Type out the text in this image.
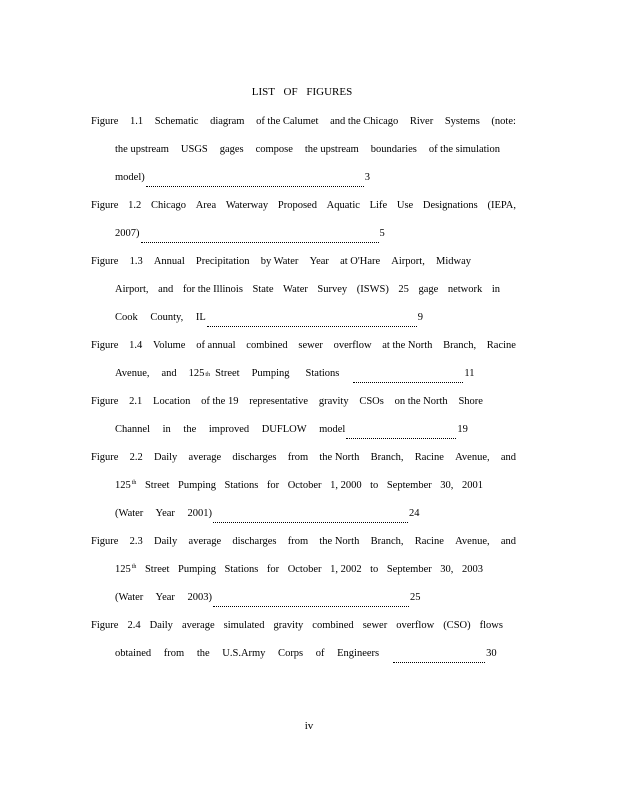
LIST OF FIGURES
Figure 1.1 Schematic diagram of the Calumet and the Chicago River Systems (note:
the upstream USGS gages compose the upstream boundaries of the simulation
model)	3
Figure 1.2 Chicago Area Waterway Proposed Aquatic Life Use Designations (IEPA,
2007)	5
Figure 1.3 Annual Precipitation by Water Year at O'Hare Airport, Midway
Airport, and for the Illinois State Water Survey (ISWS) 25 gage network in
Cook County, IL	9
Figure 1.4 Volume of annual combined sewer overflow at the North Branch, Racine
Avenue, and 125 th Street Pumping Stations	11
Figure 2.1 Location of the 19 representative gravity CSOs on the North Shore
Channel in the improved DUFLOW model	19
Figure 2.2 Daily average discharges from the North Branch, Racine Avenue, and
125th Street Pumping Stations for October 1, 2000 to September 30, 2001
(Water Year 2001)	24
Figure 2.3 Daily average discharges from the North Branch, Racine Avenue, and
125th Street Pumping Stations for October 1, 2002 to September 30, 2003
(Water Year 2003)	25
Figure 2.4 Daily average simulated gravity combined sewer overflow (CSO) flows
obtained from the U.S.Army Corps of Engineers	30
iv
